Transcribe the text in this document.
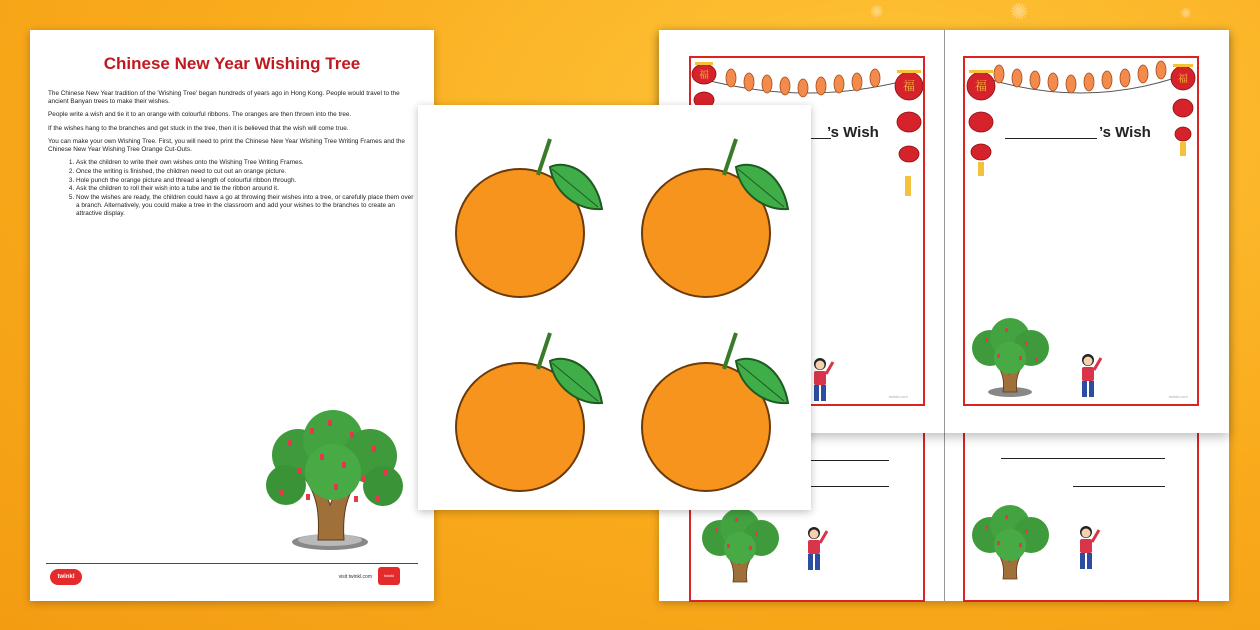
✺	✺	✺
Chinese New Year Wishing Tree

The Chinese New Year tradition of the 'Wishing Tree' began hundreds of years ago in Hong Kong. People would travel to the ancient Banyan trees to make their wishes.

People write a wish and tie it to an orange with colourful ribbons. The oranges are then thrown into the tree.

If the wishes hang to the branches and get stuck in the tree, then it is believed that the wish will come true.

You can make your own Wishing Tree. First, you will need to print the Chinese New Year Wishing Tree Writing Frames and the Chinese New Year Wishing Tree Orange Cut-Outs.

1. Ask the children to write their own wishes onto the Wishing Tree Writing Frames.
2. Once the writing is finished, the children need to cut out an orange picture.
3. Hole punch the orange picture and thread a length of colourful ribbon through.
4. Ask the children to roll their wish into a tube and tie the ribbon around it.
5. Now the wishes are ready, the children could have a go at throwing their wishes into a tree, or carefully place them over a branch. Alternatively, you could make a tree in the classroom and add your wishes to the branches to create an attractive display.
twinkl	visit twinkl.com	twinkl
福
福
’s Wish
twinkl.com
福	福
’s Wish
twinkl.com
